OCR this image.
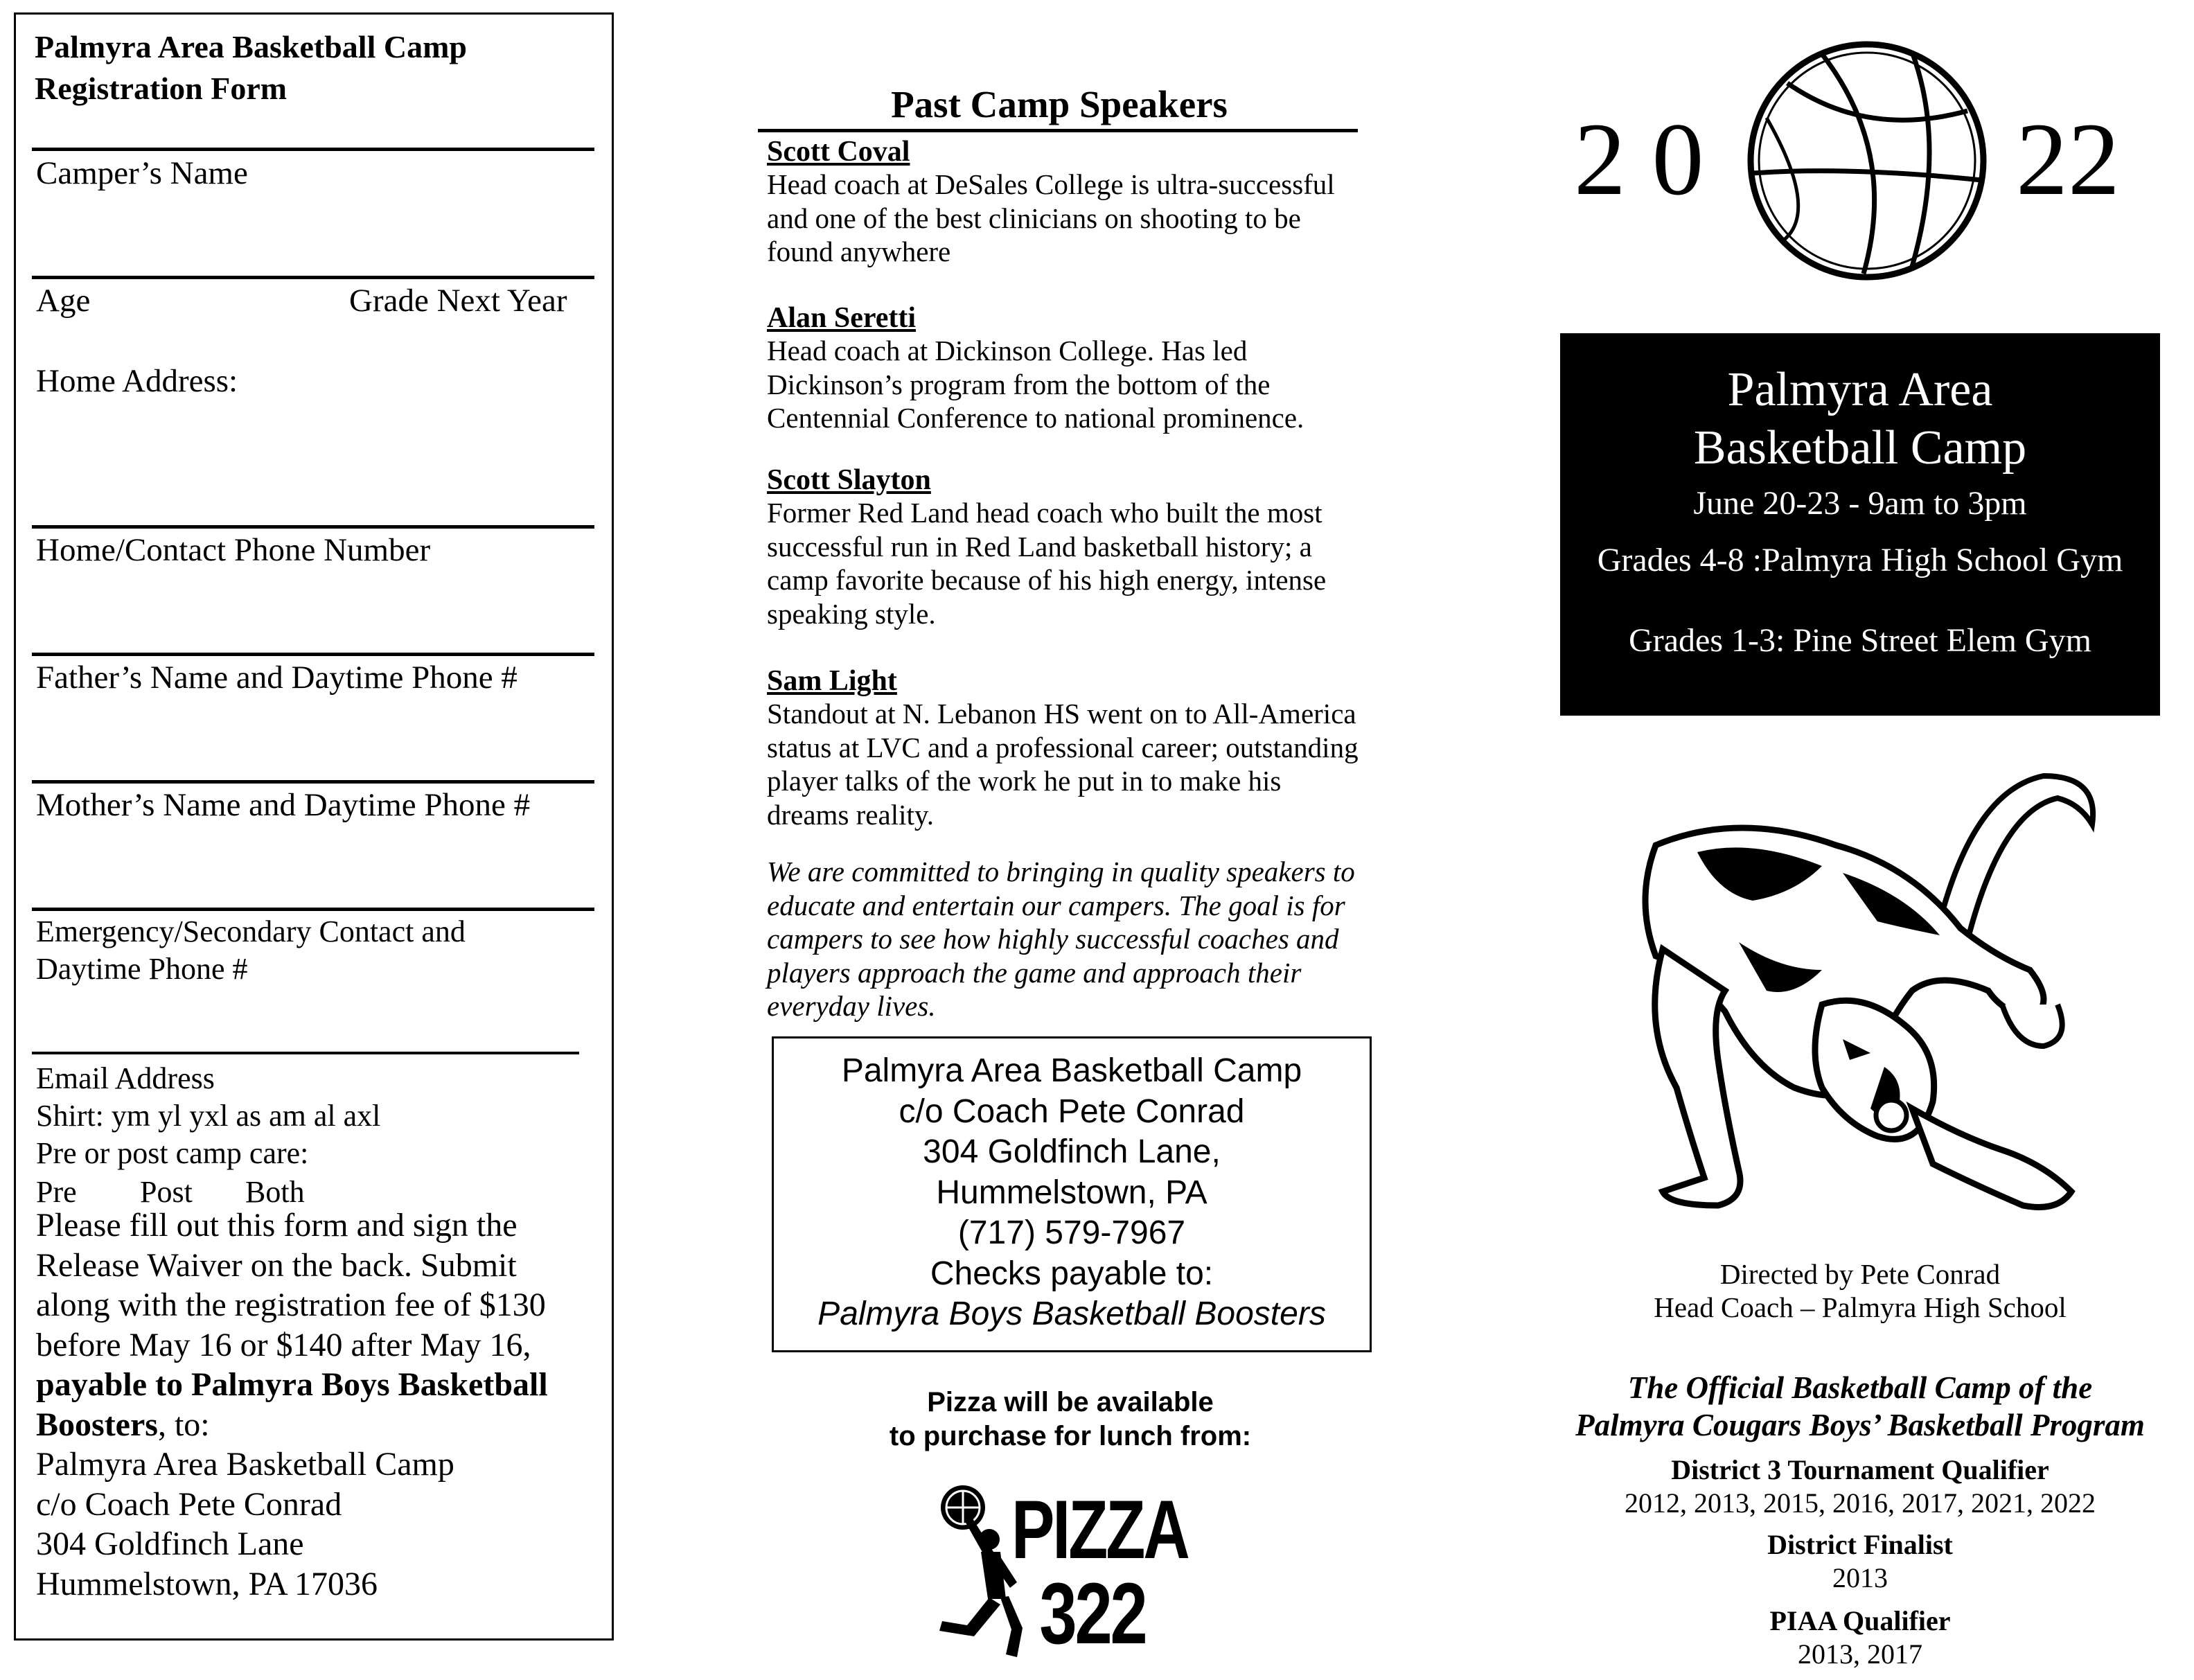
Palmyra Area Basketball Camp
Registration Form
Camper’s Name
Age	Grade Next Year
Home Address:
Home/Contact Phone Number
Father’s Name and Daytime Phone #
Mother’s Name and Daytime Phone #
Emergency/Secondary Contact and
Daytime Phone #
Email Address
Shirt: ym yl yxl as am al axl
Pre or post camp care:
Pre Post Both
Please fill out this form and sign the Release Waiver on the back. Submit along with the registration fee of $130 before May 16 or $140 after May 16, payable to Palmyra Boys Basketball Boosters, to:
Palmyra Area Basketball Camp
c/o Coach Pete Conrad
304 Goldfinch Lane
Hummelstown, PA 17036
Past Camp Speakers
Scott Coval
Head coach at DeSales College is ultra-successful and one of the best clinicians on shooting to be found anywhere
Alan Seretti
Head coach at Dickinson College. Has led Dickinson’s program from the bottom of the Centennial Conference to national prominence.
Scott Slayton
Former Red Land head coach who built the most successful run in Red Land basketball history; a camp favorite because of his high energy, intense speaking style.
Sam Light
Standout at N. Lebanon HS went on to All-America status at LVC and a professional career; outstanding player talks of the work he put in to make his dreams reality.
We are committed to bringing in quality speakers to educate and entertain our campers. The goal is for campers to see how highly successful coaches and players approach the game and approach their everyday lives.
Palmyra Area Basketball Camp
c/o Coach Pete Conrad
304 Goldfinch Lane,
Hummelstown, PA
(717) 579-7967
Checks payable to:
Palmyra Boys Basketball Boosters
Pizza will be available
to purchase for lunch from:
PIZZA
322
2 0	22
Palmyra Area
Basketball Camp
June 20-23 - 9am to 3pm
Grades 4-8 :Palmyra High School Gym
Grades 1-3: Pine Street Elem Gym
Directed by Pete Conrad
Head Coach – Palmyra High School
The Official Basketball Camp of the
Palmyra Cougars Boys’ Basketball Program
District 3 Tournament Qualifier
2012, 2013, 2015, 2016, 2017, 2021, 2022
District Finalist
2013
PIAA Qualifier
2013, 2017
